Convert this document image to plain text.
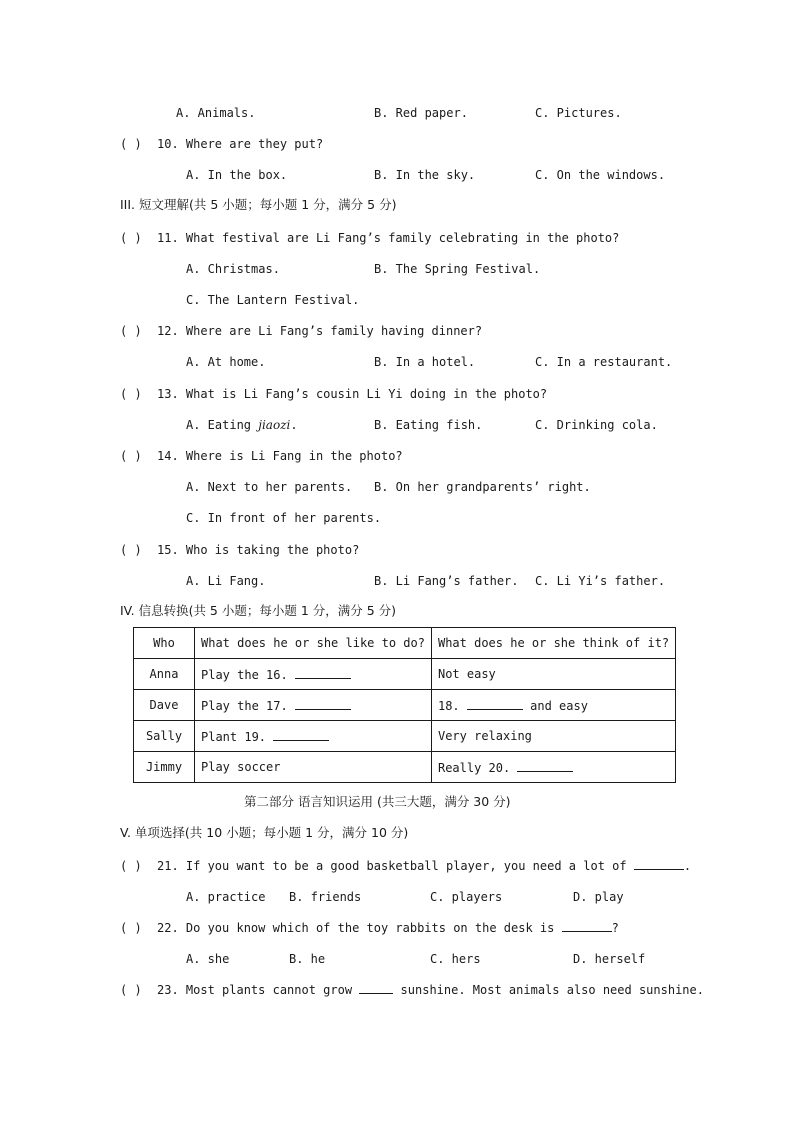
A. Animals.	B. Red paper.	C. Pictures.
( ) 10. Where are they put?
A. In the box.	B. In the sky.	C. On the windows.
III. 短文理解(共 5 小题；每小题 1 分，满分 5 分)
( ) 11. What festival are Li Fang’s family celebrating in the photo?
A. Christmas.	B. The Spring Festival.
C. The Lantern Festival.
( ) 12. Where are Li Fang’s family having dinner?
A. At home.	B. In a hotel.	C. In a restaurant.
( ) 13. What is Li Fang’s cousin Li Yi doing in the photo?
A. Eating jiaozi.	B. Eating fish.	C. Drinking cola.
( ) 14. Where is Li Fang in the photo?
A. Next to her parents. B. On her grandparents’ right.
C. In front of her parents.
( ) 15. Who is taking the photo?
A. Li Fang.	B. Li Fang’s father. C. Li Yi’s father.
IV. 信息转换(共 5 小题；每小题 1 分，满分 5 分)
Who	What does he or she like to do?	What does he or she think of it?
Anna	Play the 16.	Not easy
Dave	Play the 17.	18. and easy
Sally	Plant 19.	Very relaxing
Jimmy	Play soccer	Really 20.
第二部分 语言知识运用 (共三大题，满分 30 分)
V. 单项选择(共 10 小题；每小题 1 分，满分 10 分)
( ) 21. If you want to be a good basketball player, you need a lot of	.
A. practice B. friends	C. players	D. play
( ) 22. Do you know which of the toy rabbits on the desk is	?
A. she	B. he	C. hers	D. herself
( ) 23. Most plants cannot grow	sunshine. Most animals also need sunshine.
